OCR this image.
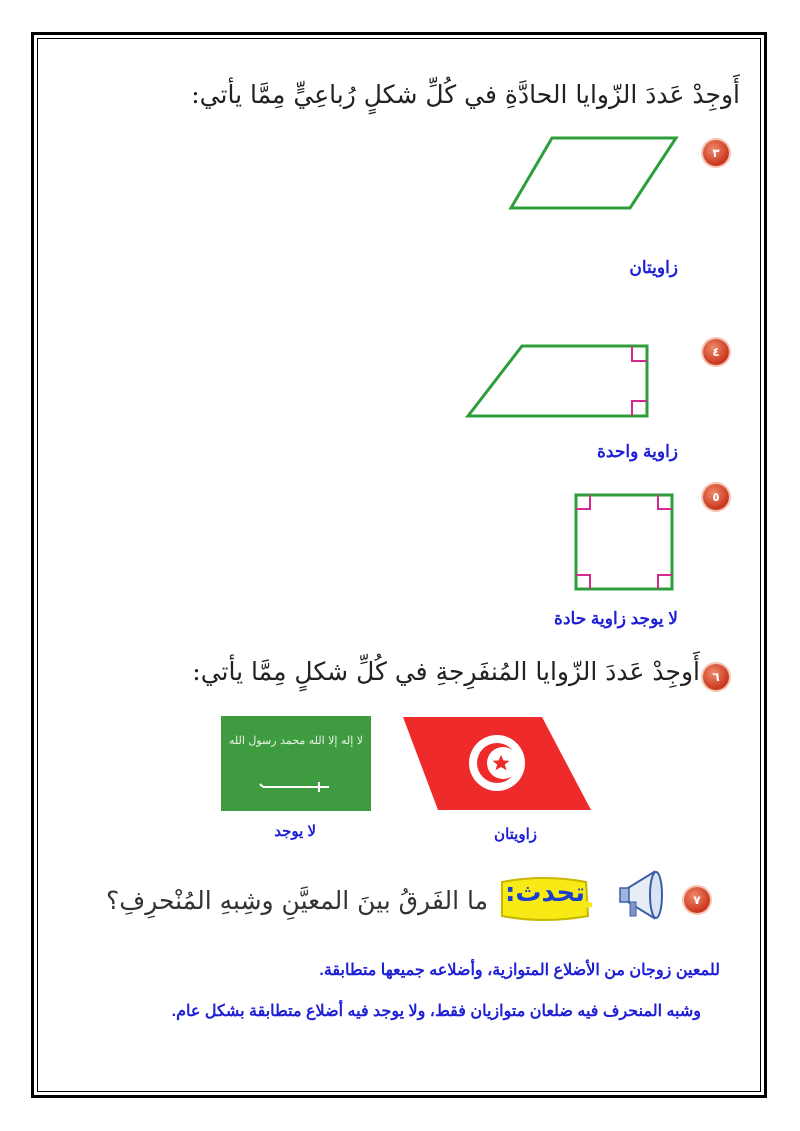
أَوجِدْ عَددَ الزّوايا الحادَّةِ في كُلِّ شكلٍ رُباعِيٍّ مِمَّا يأتي:
٣
زاويتان
٤
زاوية واحدة
٥
لا يوجد زاوية حادة
٦
أَوجِدْ عَددَ الزّوايا المُنفَرِجةِ في كُلِّ شكلٍ مِمَّا يأتي:
لا إله إلا الله محمد رسول الله
لا يوجد	زاويتان
٧
تحدث:
ما الفَرقُ بينَ المعيَّنِ وشِبهِ المُنْحرِفِ؟
للمعين زوجان من الأضلاع المتوازية، وأضلاعه جميعها متطابقة.
وشبه المنحرف فيه ضلعان متوازيان فقط، ولا يوجد فيه أضلاع متطابقة بشكل عام.
